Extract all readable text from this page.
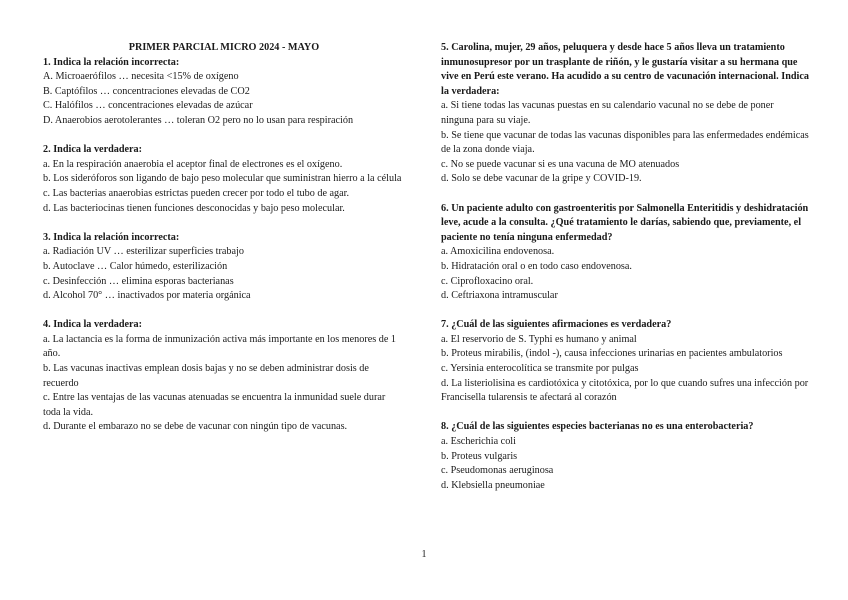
PRIMER PARCIAL MICRO 2024 - MAYO

1. Indica la relación incorrecta:

A. Microaerófilos … necesita <15% de oxígeno

B. Captófilos … concentraciones elevadas de CO2

C. Halófilos … concentraciones elevadas de azúcar

D. Anaerobios aerotolerantes … toleran O2 pero no lo usan para respiración

2. Indica la verdadera:

a. En la respiración anaerobia el aceptor final de electrones es el oxígeno.

b. Los sideróforos son ligando de bajo peso molecular que suministran hierro a la célula

c. Las bacterias anaerobias estrictas pueden crecer por todo el tubo de agar.

d. Las bacteriocinas tienen funciones desconocidas y bajo peso molecular.

3. Indica la relación incorrecta:

a. Radiación UV … esterilizar superficies trabajo

b. Autoclave … Calor húmedo, esterilización

c. Desinfección … elimina esporas bacterianas

d. Alcohol 70° … inactivados por materia orgánica

4. Indica la verdadera:

a. La lactancia es la forma de inmunización activa más importante en los menores de 1 año.

b. Las vacunas inactivas emplean dosis bajas y no se deben administrar dosis de recuerdo

c. Entre las ventajas de las vacunas atenuadas se encuentra la inmunidad suele durar toda la vida.

d. Durante el embarazo no se debe de vacunar con ningún tipo de vacunas.

5. Carolina, mujer, 29 años, peluquera y desde hace 5 años lleva un tratamiento inmunosupresor por un trasplante de riñón, y le gustaría visitar a su hermana que vive en Perú este verano. Ha acudido a su centro de vacunación internacional. Indica la verdadera:

a. Si tiene todas las vacunas puestas en su calendario vacunal no se debe de poner ninguna para su viaje.

b. Se tiene que vacunar de todas las vacunas disponibles para las enfermedades endémicas de la zona donde viaja.

c. No se puede vacunar si es una vacuna de MO atenuados

d. Solo se debe vacunar de la gripe y COVID-19.

6. Un paciente adulto con gastroenteritis por Salmonella Enteritidis y deshidratación leve, acude a la consulta. ¿Qué tratamiento le darías, sabiendo que, previamente, el paciente no tenía ninguna enfermedad?

a. Amoxicilina endovenosa.

b. Hidratación oral o en todo caso endovenosa.

c. Ciprofloxacino oral.

d. Ceftriaxona intramuscular

7. ¿Cuál de las siguientes afirmaciones es verdadera?

a. El reservorio de S. Typhi es humano y animal

b. Proteus mirabilis, (indol -), causa infecciones urinarias en pacientes ambulatorios

c. Yersinia enterocolítica se transmite por pulgas

d. La listeriolisina es cardiotóxica y citotóxica, por lo que cuando sufres una infección por Francisella tularensis te afectará al corazón

8. ¿Cuál de las siguientes especies bacterianas no es una enterobacteria?

a. Escherichia coli

b. Proteus vulgaris

c. Pseudomonas aeruginosa

d. Klebsiella pneumoniae

1
